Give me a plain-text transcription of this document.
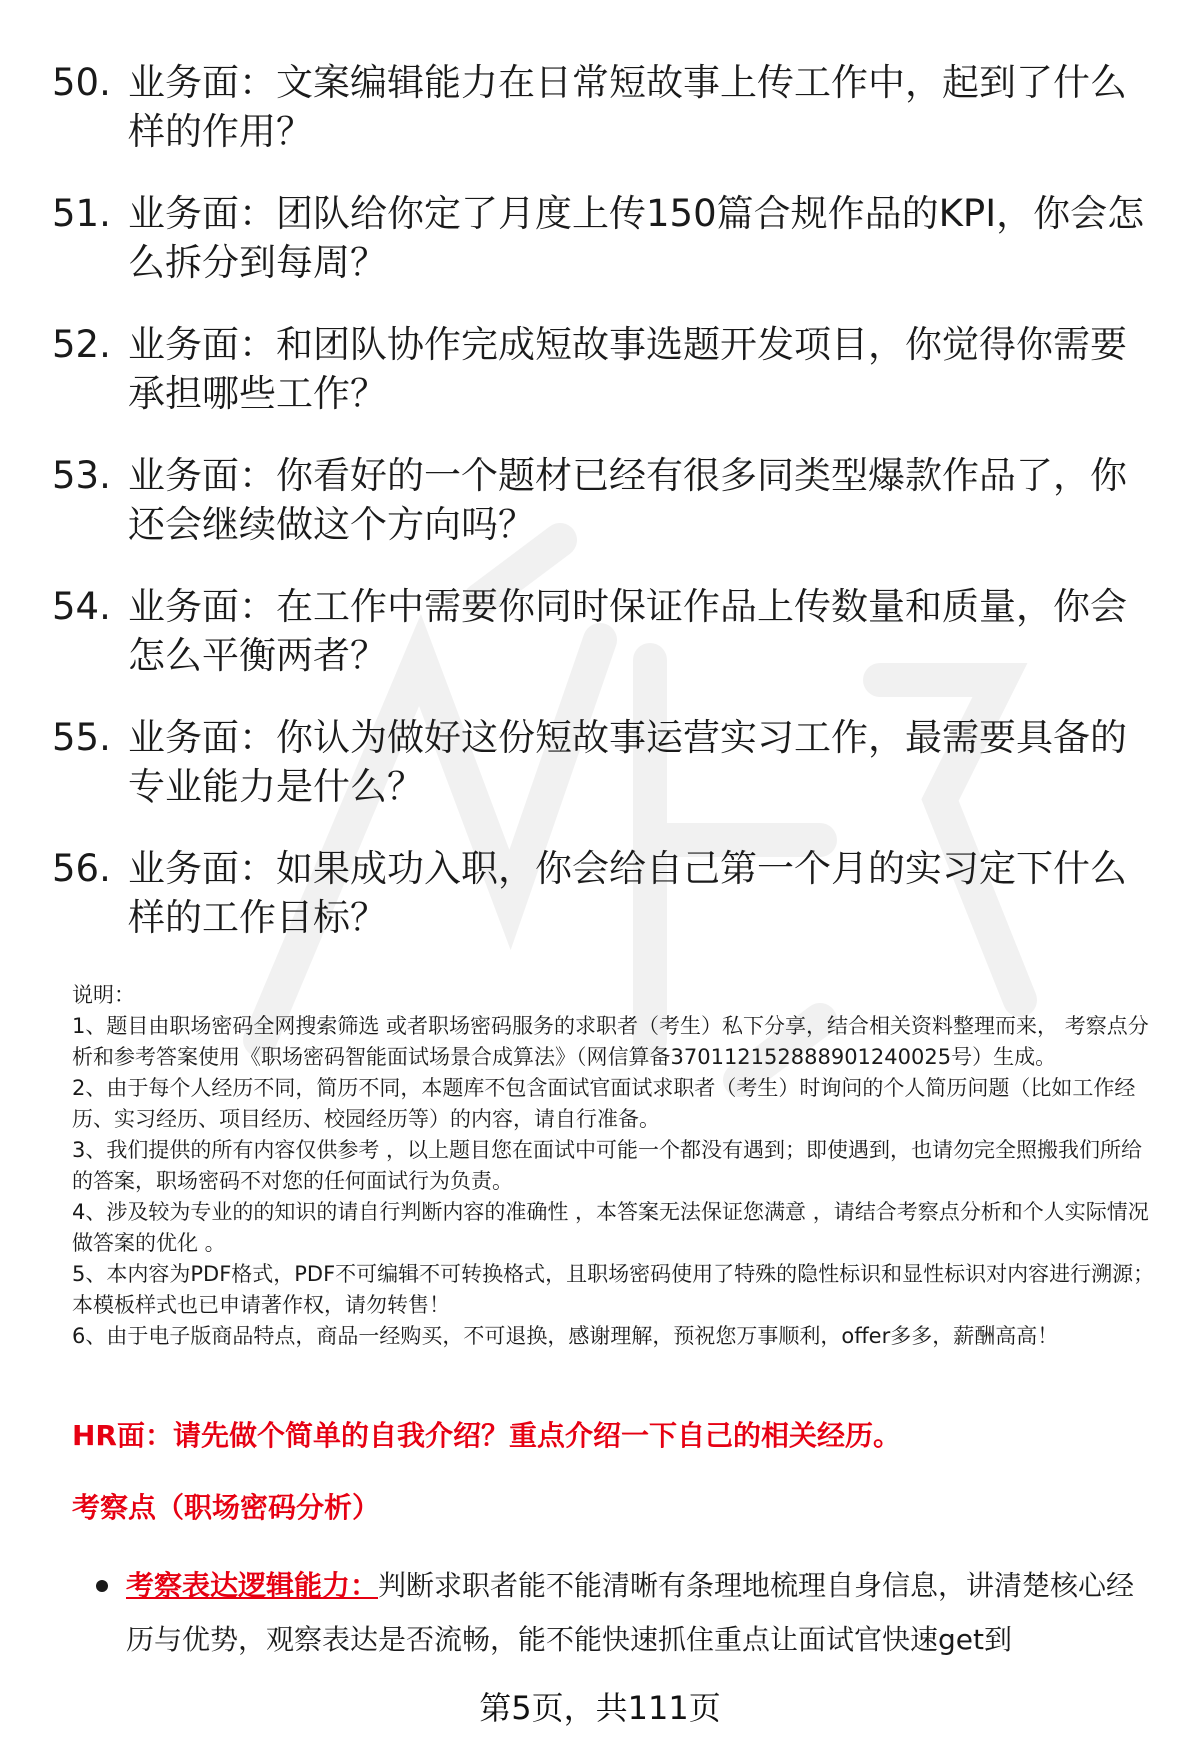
50. 业务面：文案编辑能力在日常短故事上传工作中，起到了什么样的作用？
51. 业务面：团队给你定了月度上传150篇合规作品的KPI，你会怎么拆分到每周？
52. 业务面：和团队协作完成短故事选题开发项目，你觉得你需要承担哪些工作？
53. 业务面：你看好的一个题材已经有很多同类型爆款作品了，你还会继续做这个方向吗？
54. 业务面：在工作中需要你同时保证作品上传数量和质量，你会怎么平衡两者？
55. 业务面：你认为做好这份短故事运营实习工作，最需要具备的专业能力是什么？
56. 业务面：如果成功入职，你会给自己第一个月的实习定下什么样的工作目标？

说明：

1、题目由职场密码全网搜索筛选 或者职场密码服务的求职者（考生）私下分享，结合相关资料整理而来， 考察点分析和参考答案使用《职场密码智能面试场景合成算法》（网信算备370112152888901240025号）生成。

2、由于每个人经历不同，简历不同，本题库不包含面试官面试求职者（考生）时询问的个人简历问题（比如工作经历、实习经历、项目经历、校园经历等）的内容，请自行准备。

3、我们提供的所有内容仅供参考 ，以上题目您在面试中可能一个都没有遇到；即使遇到，也请勿完全照搬我们所给的答案，职场密码不对您的任何面试行为负责。

4、涉及较为专业的的知识的请自行判断内容的准确性 ，本答案无法保证您满意 ，请结合考察点分析和个人实际情况做答案的优化 。

5、本内容为PDF格式，PDF不可编辑不可转换格式，且职场密码使用了特殊的隐性标识和显性标识对内容进行溯源；本模板样式也已申请著作权，请勿转售！

6、由于电子版商品特点，商品一经购买，不可退换，感谢理解，预祝您万事顺利，offer多多，薪酬高高！

HR面：请先做个简单的自我介绍？重点介绍一下自己的相关经历。
考察点（职场密码分析）
考察表达逻辑能力：判断求职者能不能清晰有条理地梳理自身信息，讲清楚核心经历与优势，观察表达是否流畅，能不能快速抓住重点让面试官快速get到
第5页，共111页
